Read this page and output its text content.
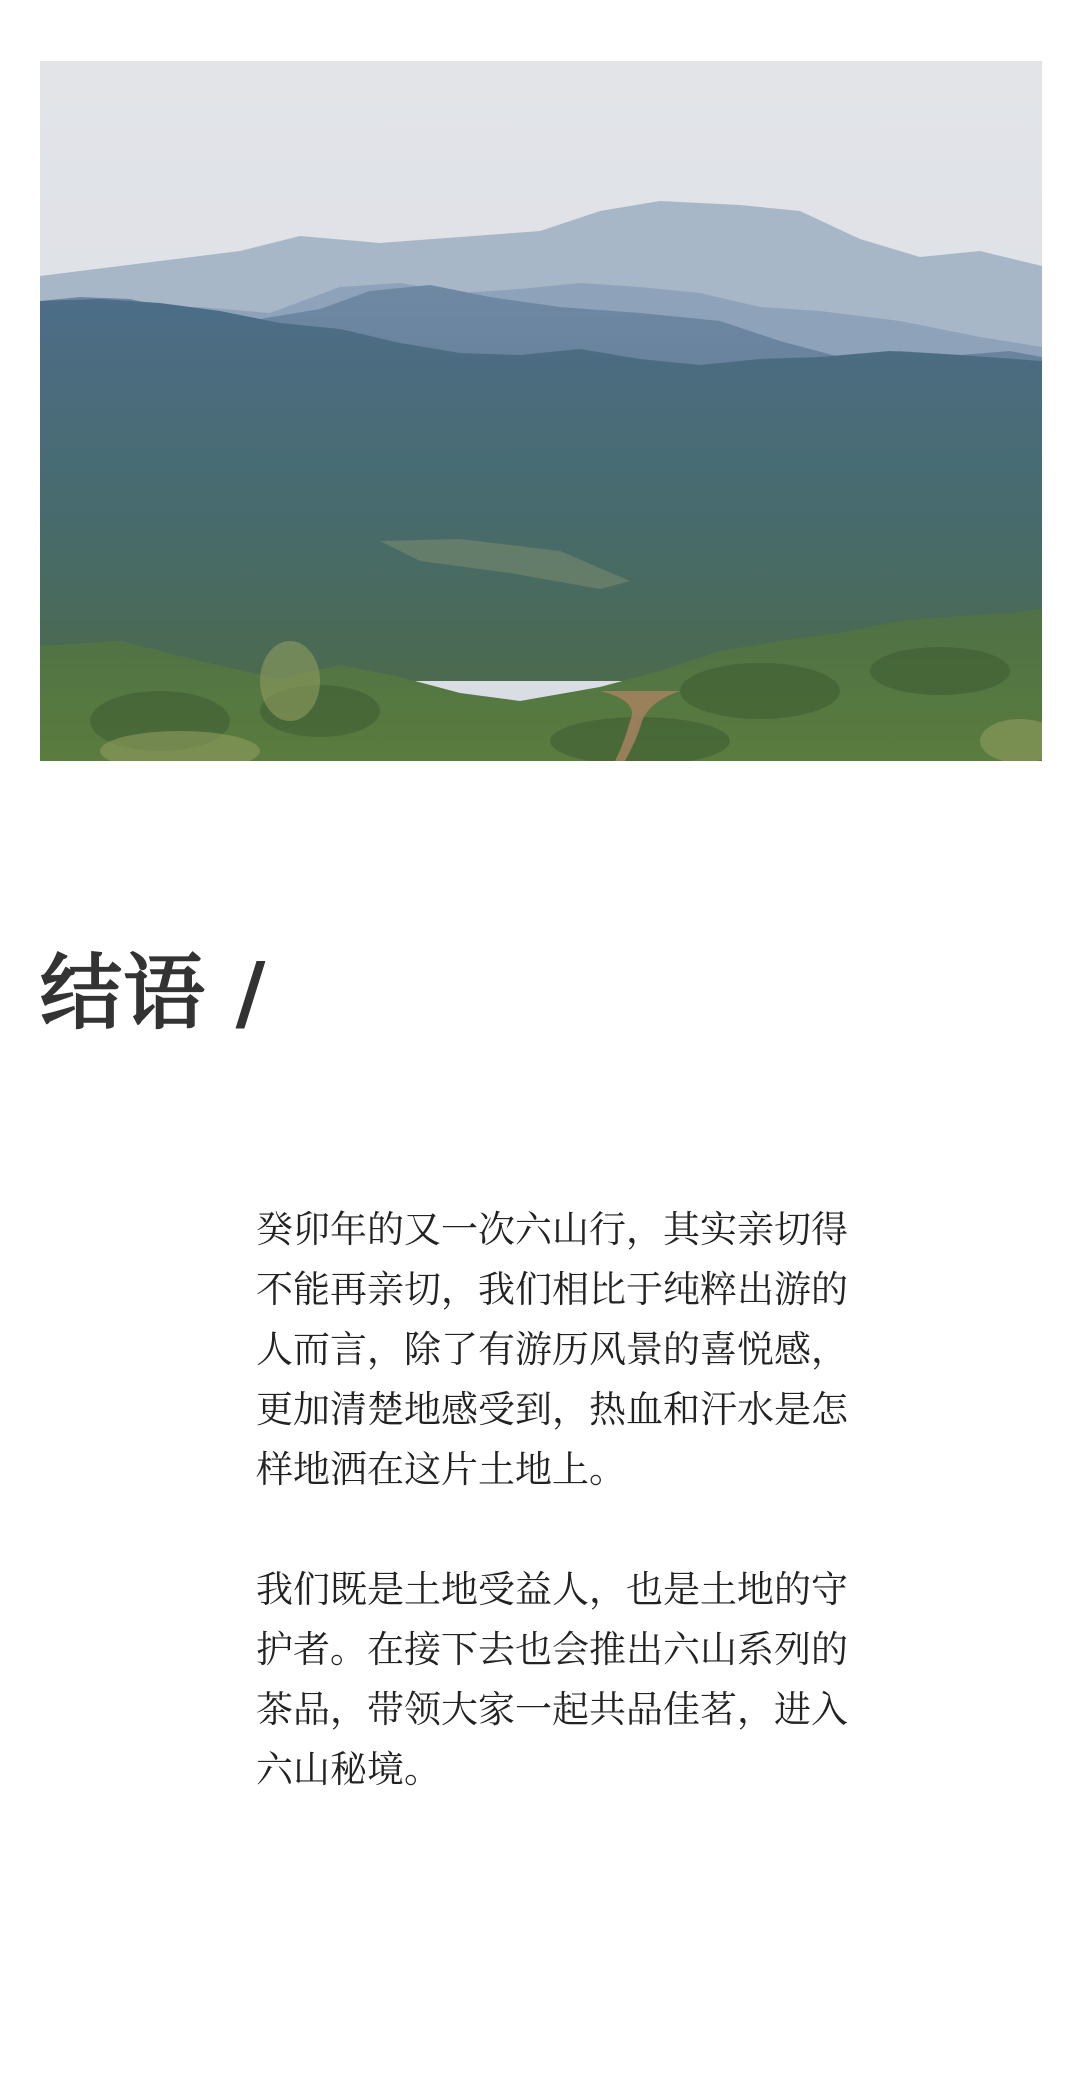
结语 /
癸卯年的又一次六山行，其实亲切得
不能再亲切，我们相比于纯粹出游的
人而言，除了有游历风景的喜悦感，
更加清楚地感受到，热血和汗水是怎
样地洒在这片土地上。
我们既是土地受益人，也是土地的守
护者。在接下去也会推出六山系列的
茶品，带领大家一起共品佳茗，进入
六山秘境。
